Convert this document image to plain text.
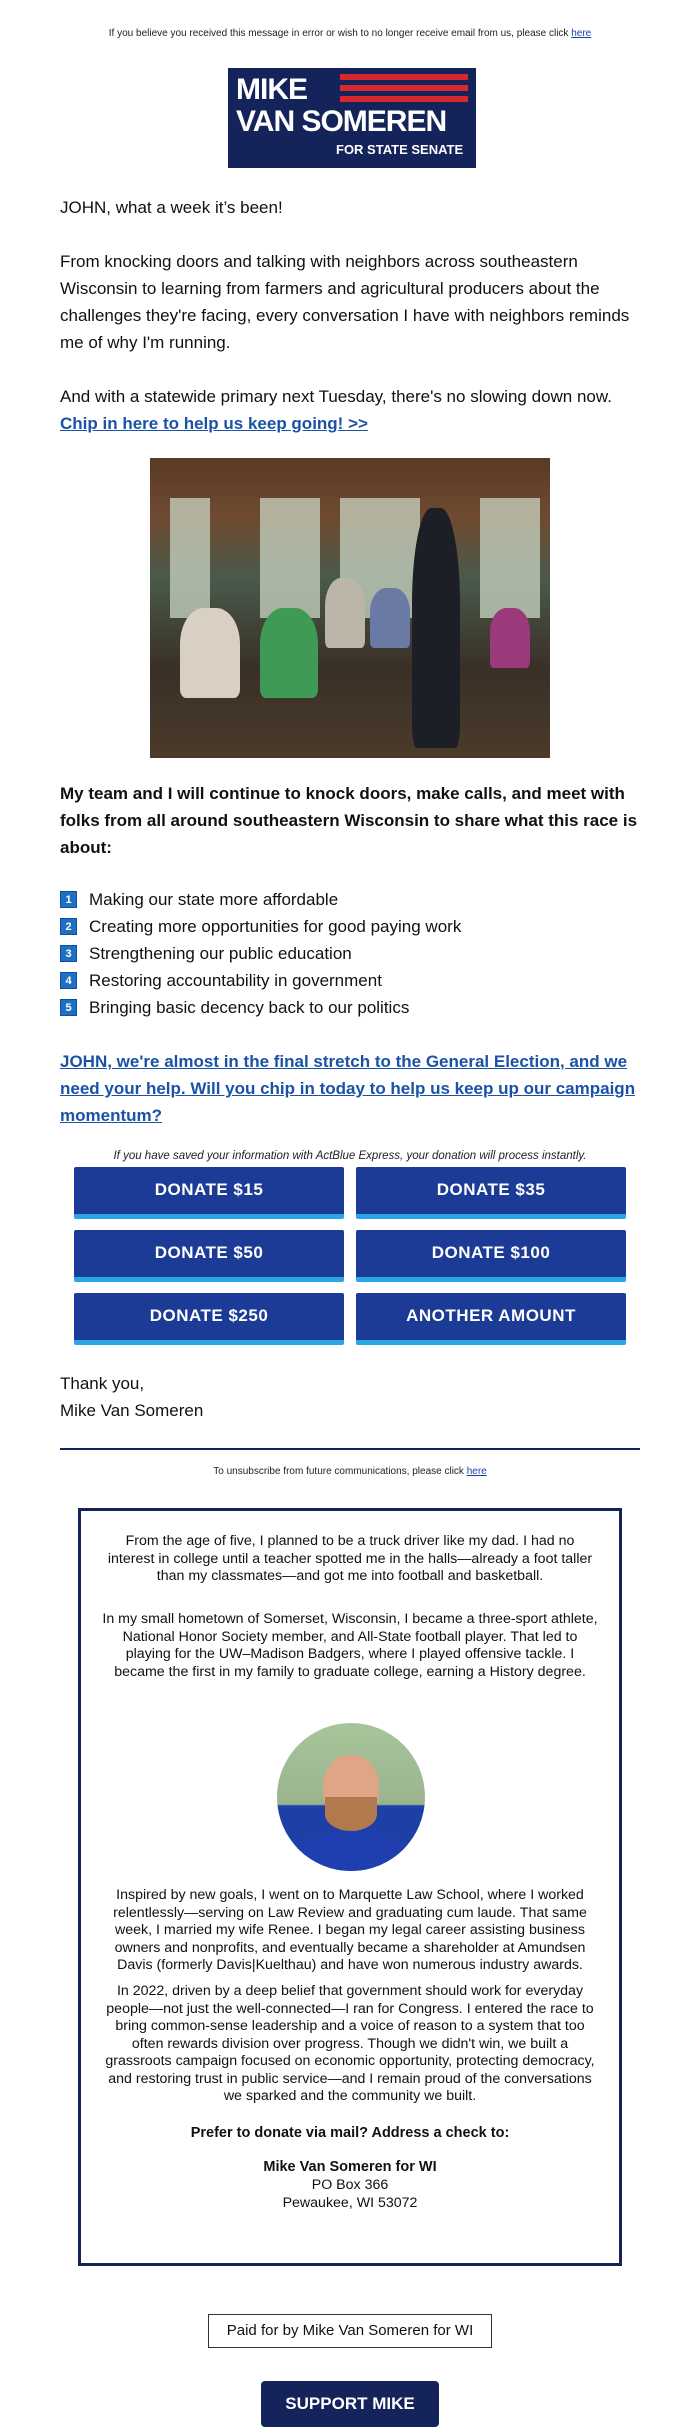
If you believe you received this message in error or wish to no longer receive email from us, please click here
MIKE
VAN SOMEREN
FOR STATE SENATE
JOHN, what a week it’s been!
From knocking doors and talking with neighbors across southeastern Wisconsin to learning from farmers and agricultural producers about the challenges they're facing, every conversation I have with neighbors reminds me of why I'm running.
And with a statewide primary next Tuesday, there's no slowing down now. Chip in here to help us keep going! >>
My team and I will continue to knock doors, make calls, and meet with folks from all around southeastern Wisconsin to share what this race is about:
1	Making our state more affordable
2	Creating more opportunities for good paying work
3	Strengthening our public education
4	Restoring accountability in government
5	Bringing basic decency back to our politics
JOHN, we're almost in the final stretch to the General Election, and we need your help. Will you chip in today to help us keep up our campaign momentum?
If you have saved your information with ActBlue Express, your donation will process instantly.
DONATE $15	DONATE $35
DONATE $50	DONATE $100
DONATE $250	ANOTHER AMOUNT
Thank you,
Mike Van Someren
To unsubscribe from future communications, please click here

From the age of five, I planned to be a truck driver like my dad. I had no interest in college until a teacher spotted me in the halls—already a foot taller than my classmates—and got me into football and basketball.

In my small hometown of Somerset, Wisconsin, I became a three-sport athlete, National Honor Society member, and All-State football player. That led to playing for the UW–Madison Badgers, where I played offensive tackle. I became the first in my family to graduate college, earning a History degree.

Inspired by new goals, I went on to Marquette Law School, where I worked relentlessly—serving on Law Review and graduating cum laude. That same week, I married my wife Renee. I began my legal career assisting business owners and nonprofits, and eventually became a shareholder at Amundsen Davis (formerly Davis|Kuelthau) and have won numerous industry awards.

In 2022, driven by a deep belief that government should work for everyday people—not just the well-connected—I ran for Congress. I entered the race to bring common-sense leadership and a voice of reason to a system that too often rewards division over progress. Though we didn't win, we built a grassroots campaign focused on economic opportunity, protecting democracy, and restoring trust in public service—and I remain proud of the conversations we sparked and the community we built.

Prefer to donate via mail? Address a check to:
Mike Van Someren for WI
PO Box 366
Pewaukee, WI 53072
Paid for by Mike Van Someren for WI
SUPPORT MIKE
